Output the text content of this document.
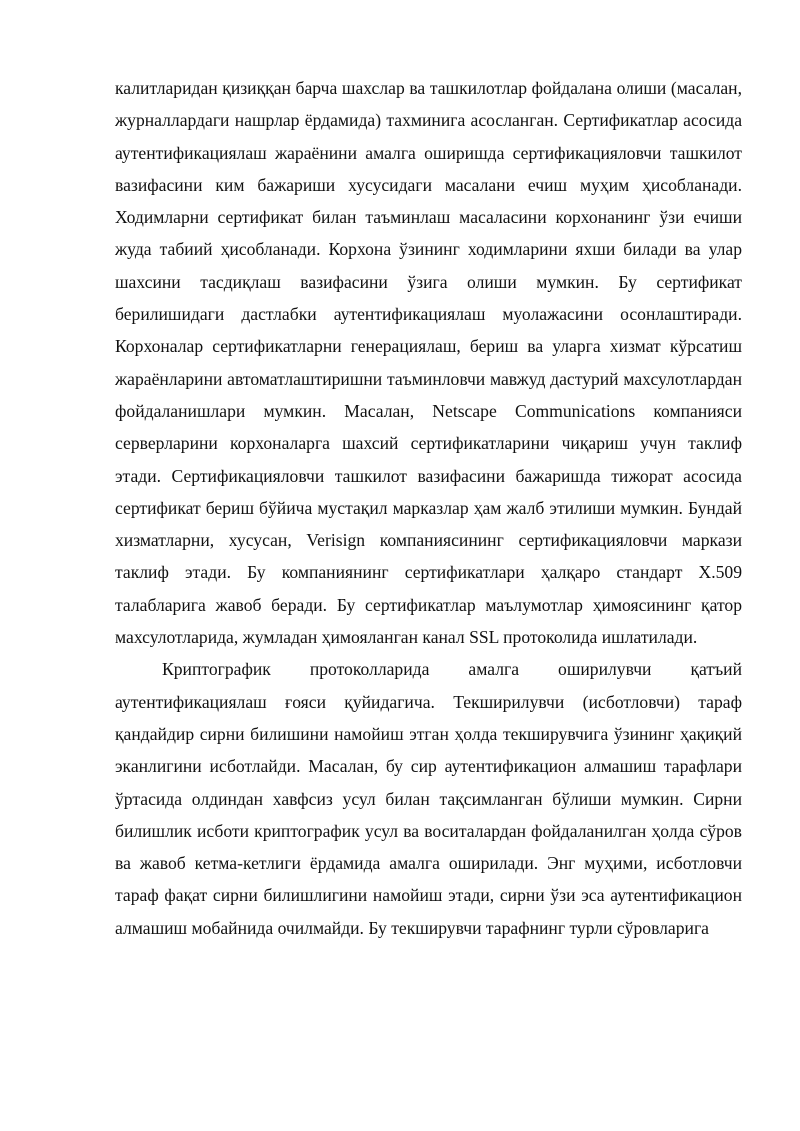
калитларидан қизиққан барча шахслар ва ташкилотлар фойдалана олиши (масалан, журналлардаги нашрлар ёрдамида) тахминига асосланган. Сертификатлар асосида аутентификациялаш жараёнини амалга оширишда сертификацияловчи ташкилот вазифасини ким бажариши хусусидаги масалани ечиш муҳим ҳисобланади. Ходимларни сертификат билан таъминлаш масаласини корхонанинг ўзи ечиши жуда табиий ҳисобланади. Корхона ўзининг ходимларини яхши билади ва улар шахсини тасдиқлаш вазифасини ўзига олиши мумкин. Бу сертификат берилишидаги дастлабки аутентификациялаш муолажасини осонлаштиради. Корхоналар сертификатларни генерациялаш, бериш ва уларга хизмат кўрсатиш жараёнларини автоматлаштиришни таъминловчи мавжуд дастурий махсулотлардан фойдаланишлари мумкин. Масалан, Netscape Communications компанияси серверларини корхоналарга шахсий сертификатларини чиқариш учун таклиф этади. Сертификацияловчи ташкилот вазифасини бажаришда тижорат асосида сертификат бериш бўйича мустақил марказлар ҳам жалб этилиши мумкин. Бундай хизматларни, хусусан, Verisign компаниясининг сертификацияловчи маркази таклиф этади. Бу компаниянинг сертификатлари ҳалқаро стандарт X.509 талабларига жавоб беради. Бу сертификатлар маълумотлар ҳимоясининг қатор махсулотларида, жумладан ҳимояланган канал SSL протоколида ишлатилади.

Криптографик протоколларида амалга оширилувчи қатъий аутентификациялаш ғояси қуйидагича. Текширилувчи (исботловчи) тараф қандайдир сирни билишини намойиш этган ҳолда текширувчига ўзининг ҳақиқий эканлигини исботлайди. Масалан, бу сир аутентификацион алмашиш тарафлари ўртасида олдиндан хавфсиз усул билан тақсимланган бўлиши мумкин. Сирни билишлик исботи криптографик усул ва воситалардан фойдаланилган ҳолда сўров ва жавоб кетма-кетлиги ёрдамида амалга оширилади. Энг муҳими, исботловчи тараф фақат сирни билишлигини намойиш этади, сирни ўзи эса аутентификацион алмашиш мобайнида очилмайди. Бу текширувчи тарафнинг турли сўровларига
